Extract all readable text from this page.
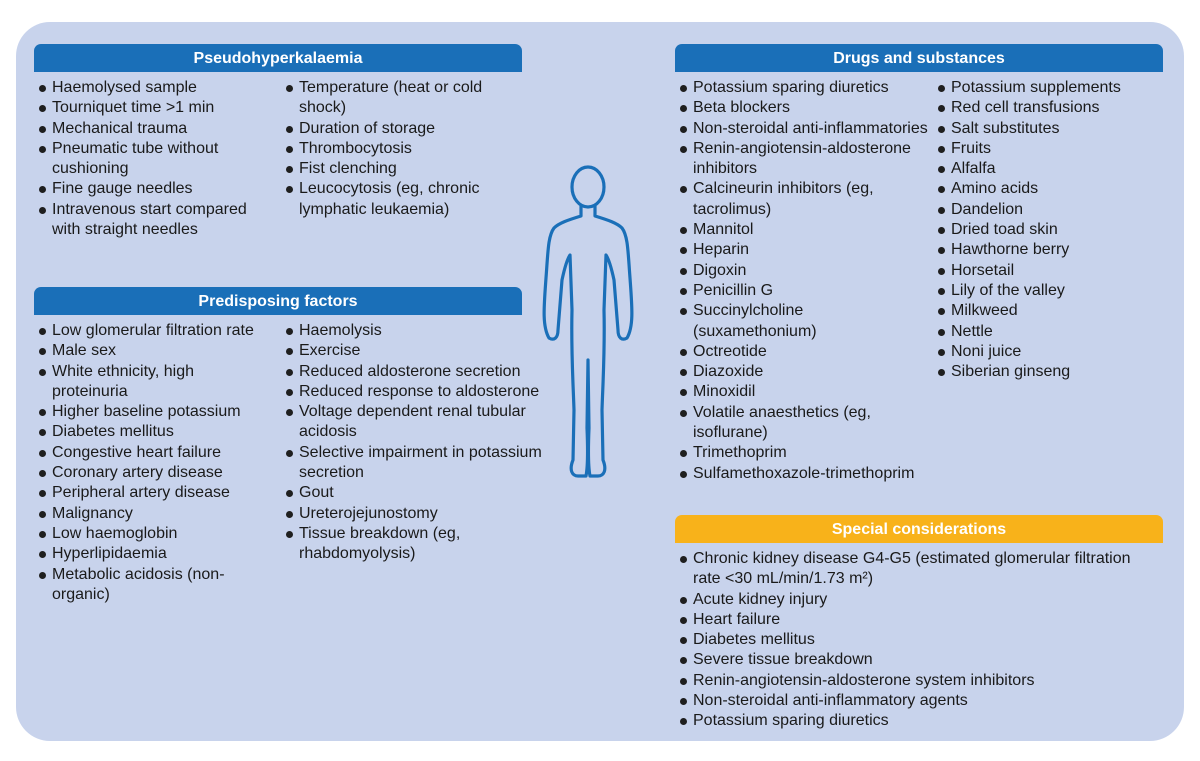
Pseudohyperkalaemia
Haemolysed sample
Tourniquet time >1 min
Mechanical trauma
Pneumatic tube without cushioning
Fine gauge needles
Intravenous start compared with straight needles
Temperature (heat or cold shock)
Duration of storage
Thrombocytosis
Fist clenching
Leucocytosis (eg, chronic lymphatic leukaemia)
Predisposing factors
Low glomerular filtration rate
Male sex
White ethnicity, high proteinuria
Higher baseline potassium
Diabetes mellitus
Congestive heart failure
Coronary artery disease
Peripheral artery disease
Malignancy
Low haemoglobin
Hyperlipidaemia
Metabolic acidosis (non-organic)
Haemolysis
Exercise
Reduced aldosterone secretion
Reduced response to aldosterone
Voltage dependent renal tubular acidosis
Selective impairment in potassium secretion
Gout
Ureterojejunostomy
Tissue breakdown (eg, rhabdomyolysis)
Drugs and substances
Potassium sparing diuretics
Beta blockers
Non-steroidal anti-inflammatories
Renin-angiotensin-aldosterone inhibitors
Calcineurin inhibitors (eg, tacrolimus)
Mannitol
Heparin
Digoxin
Penicillin G
Succinylcholine (suxamethonium)
Octreotide
Diazoxide
Minoxidil
Volatile anaesthetics (eg, isoflurane)
Trimethoprim
Sulfamethoxazole-trimethoprim
Potassium supplements
Red cell transfusions
Salt substitutes
Fruits
Alfalfa
Amino acids
Dandelion
Dried toad skin
Hawthorne berry
Horsetail
Lily of the valley
Milkweed
Nettle
Noni juice
Siberian ginseng
Special considerations
Chronic kidney disease G4-G5 (estimated glomerular filtration rate <30 mL/min/1.73 m²)
Acute kidney injury
Heart failure
Diabetes mellitus
Severe tissue breakdown
Renin-angiotensin-aldosterone system inhibitors
Non-steroidal anti-inflammatory agents
Potassium sparing diuretics
